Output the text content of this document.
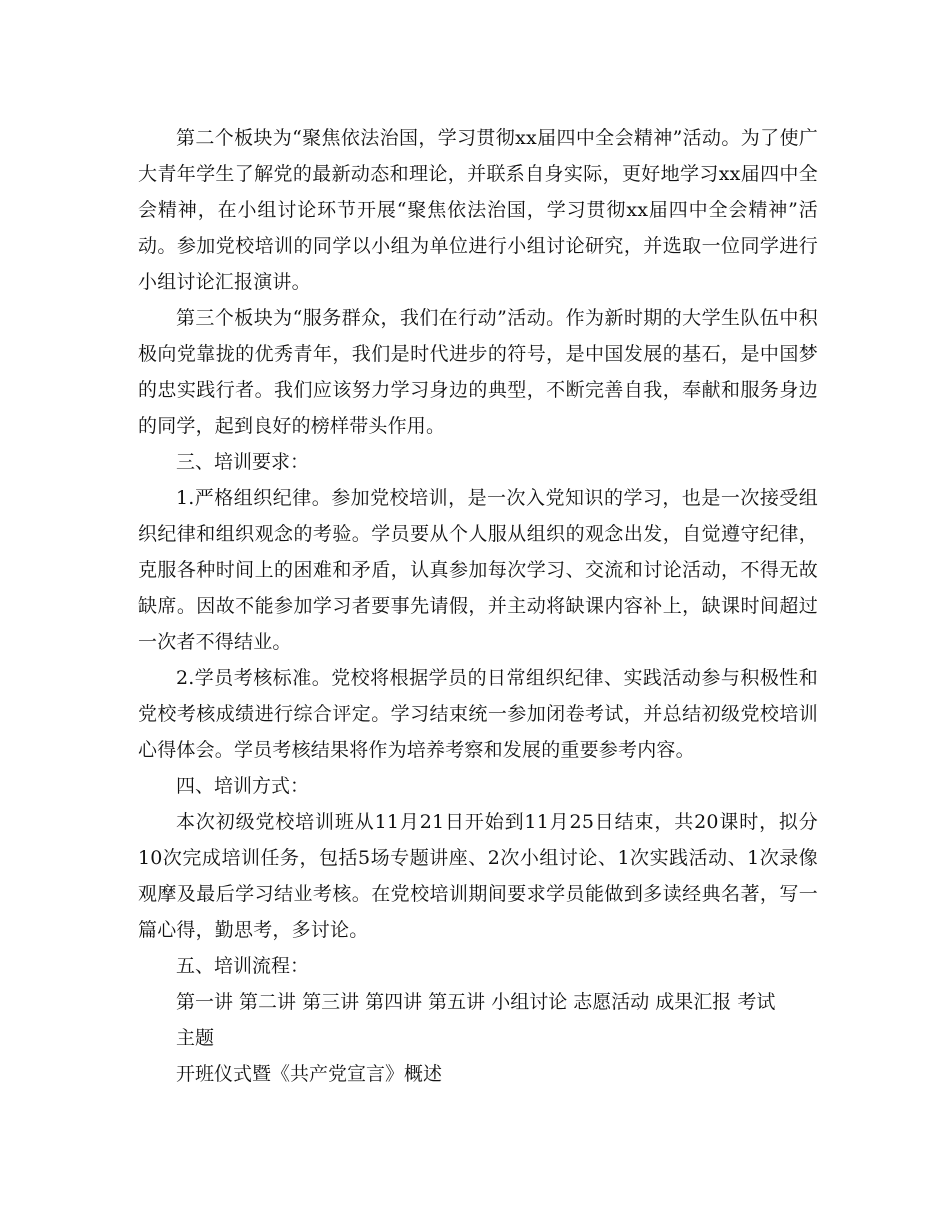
第二个板块为“聚焦依法治国，学习贯彻xx届四中全会精神”活动。为了使广大青年学生了解党的最新动态和理论，并联系自身实际，更好地学习xx届四中全会精神，在小组讨论环节开展“聚焦依法治国，学习贯彻xx届四中全会精神”活动。参加党校培训的同学以小组为单位进行小组讨论研究，并选取一位同学进行小组讨论汇报演讲。

第三个板块为“服务群众，我们在行动”活动。作为新时期的大学生队伍中积极向党靠拢的优秀青年，我们是时代进步的符号，是中国发展的基石，是中国梦的忠实践行者。我们应该努力学习身边的典型，不断完善自我，奉献和服务身边的同学，起到良好的榜样带头作用。

三、培训要求：

1.严格组织纪律。参加党校培训，是一次入党知识的学习，也是一次接受组织纪律和组织观念的考验。学员要从个人服从组织的观念出发，自觉遵守纪律，克服各种时间上的困难和矛盾，认真参加每次学习、交流和讨论活动，不得无故缺席。因故不能参加学习者要事先请假，并主动将缺课内容补上，缺课时间超过一次者不得结业。

2.学员考核标准。党校将根据学员的日常组织纪律、实践活动参与积极性和党校考核成绩进行综合评定。学习结束统一参加闭卷考试，并总结初级党校培训心得体会。学员考核结果将作为培养考察和发展的重要参考内容。

四、培训方式：

本次初级党校培训班从11月21日开始到11月25日结束，共20课时，拟分10次完成培训任务，包括5场专题讲座、2次小组讨论、1次实践活动、1次录像观摩及最后学习结业考核。在党校培训期间要求学员能做到多读经典名著，写一篇心得，勤思考，多讨论。

五、培训流程：

第一讲 第二讲 第三讲 第四讲 第五讲 小组讨论 志愿活动 成果汇报 考试

主题

开班仪式暨《共产党宣言》概述
